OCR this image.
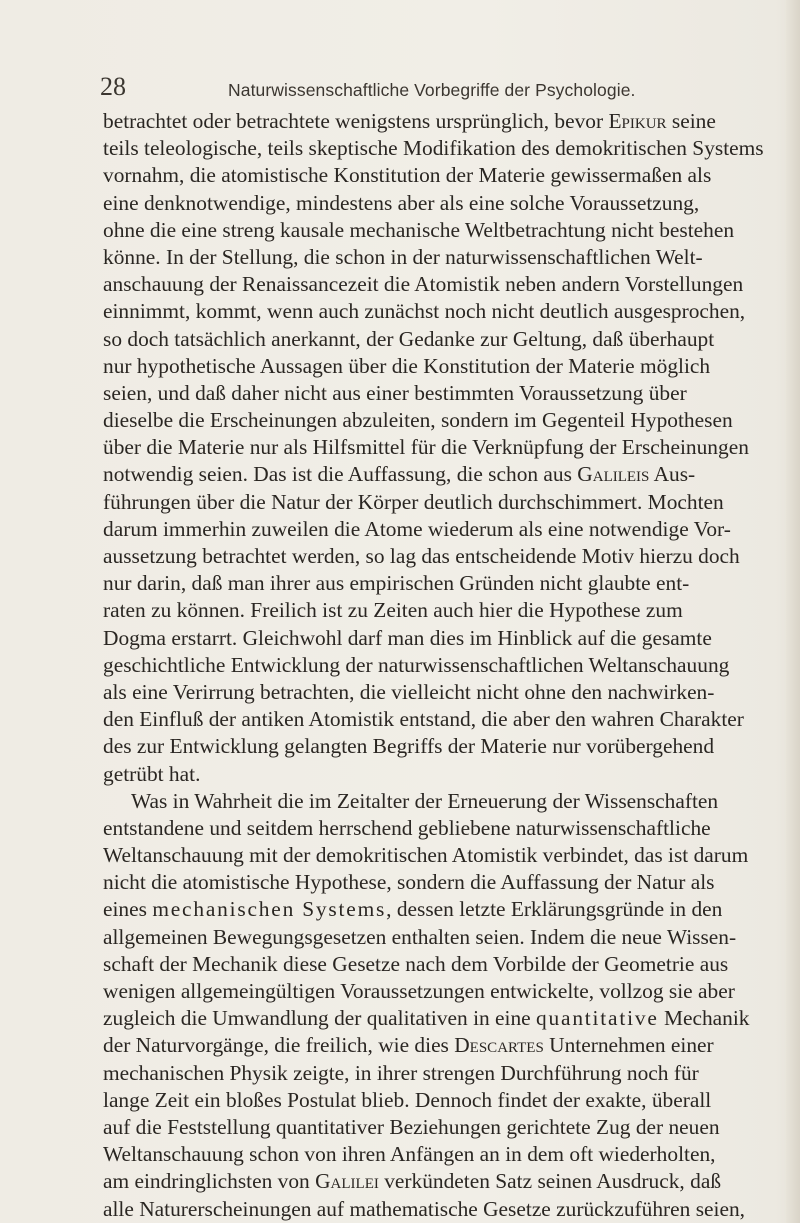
28	Naturwissenschaftliche Vorbegriffe der Psychologie.
betrachtet oder betrachtete wenigstens ursprünglich, bevor Epikur seine
teils teleologische, teils skeptische Modifikation des demokritischen Systems
vornahm, die atomistische Konstitution der Materie gewissermaßen als
eine denknotwendige, mindestens aber als eine solche Voraussetzung,
ohne die eine streng kausale mechanische Weltbetrachtung nicht bestehen
könne. In der Stellung, die schon in der naturwissenschaftlichen Welt-
anschauung der Renaissancezeit die Atomistik neben andern Vorstellungen
einnimmt, kommt, wenn auch zunächst noch nicht deutlich ausgesprochen,
so doch tatsächlich anerkannt, der Gedanke zur Geltung, daß überhaupt
nur hypothetische Aussagen über die Konstitution der Materie möglich
seien, und daß daher nicht aus einer bestimmten Voraussetzung über
dieselbe die Erscheinungen abzuleiten, sondern im Gegenteil Hypothesen
über die Materie nur als Hilfsmittel für die Verknüpfung der Erscheinungen
notwendig seien. Das ist die Auffassung, die schon aus Galileis Aus-
führungen über die Natur der Körper deutlich durchschimmert. Mochten
darum immerhin zuweilen die Atome wiederum als eine notwendige Vor-
aussetzung betrachtet werden, so lag das entscheidende Motiv hierzu doch
nur darin, daß man ihrer aus empirischen Gründen nicht glaubte ent-
raten zu können. Freilich ist zu Zeiten auch hier die Hypothese zum
Dogma erstarrt. Gleichwohl darf man dies im Hinblick auf die gesamte
geschichtliche Entwicklung der naturwissenschaftlichen Weltanschauung
als eine Verirrung betrachten, die vielleicht nicht ohne den nachwirken-
den Einfluß der antiken Atomistik entstand, die aber den wahren Charakter
des zur Entwicklung gelangten Begriffs der Materie nur vorübergehend
getrübt hat.
Was in Wahrheit die im Zeitalter der Erneuerung der Wissenschaften
entstandene und seitdem herrschend gebliebene naturwissenschaftliche
Weltanschauung mit der demokritischen Atomistik verbindet, das ist darum
nicht die atomistische Hypothese, sondern die Auffassung der Natur als
eines mechanischen Systems, dessen letzte Erklärungsgründe in den
allgemeinen Bewegungsgesetzen enthalten seien. Indem die neue Wissen-
schaft der Mechanik diese Gesetze nach dem Vorbilde der Geometrie aus
wenigen allgemeingültigen Voraussetzungen entwickelte, vollzog sie aber
zugleich die Umwandlung der qualitativen in eine quantitative Mechanik
der Naturvorgänge, die freilich, wie dies Descartes Unternehmen einer
mechanischen Physik zeigte, in ihrer strengen Durchführung noch für
lange Zeit ein bloßes Postulat blieb. Dennoch findet der exakte, überall
auf die Feststellung quantitativer Beziehungen gerichtete Zug der neuen
Weltanschauung schon von ihren Anfängen an in dem oft wiederholten,
am eindringlichsten von Galilei verkündeten Satz seinen Ausdruck, daß
alle Naturerscheinungen auf mathematische Gesetze zurückzuführen seien,
